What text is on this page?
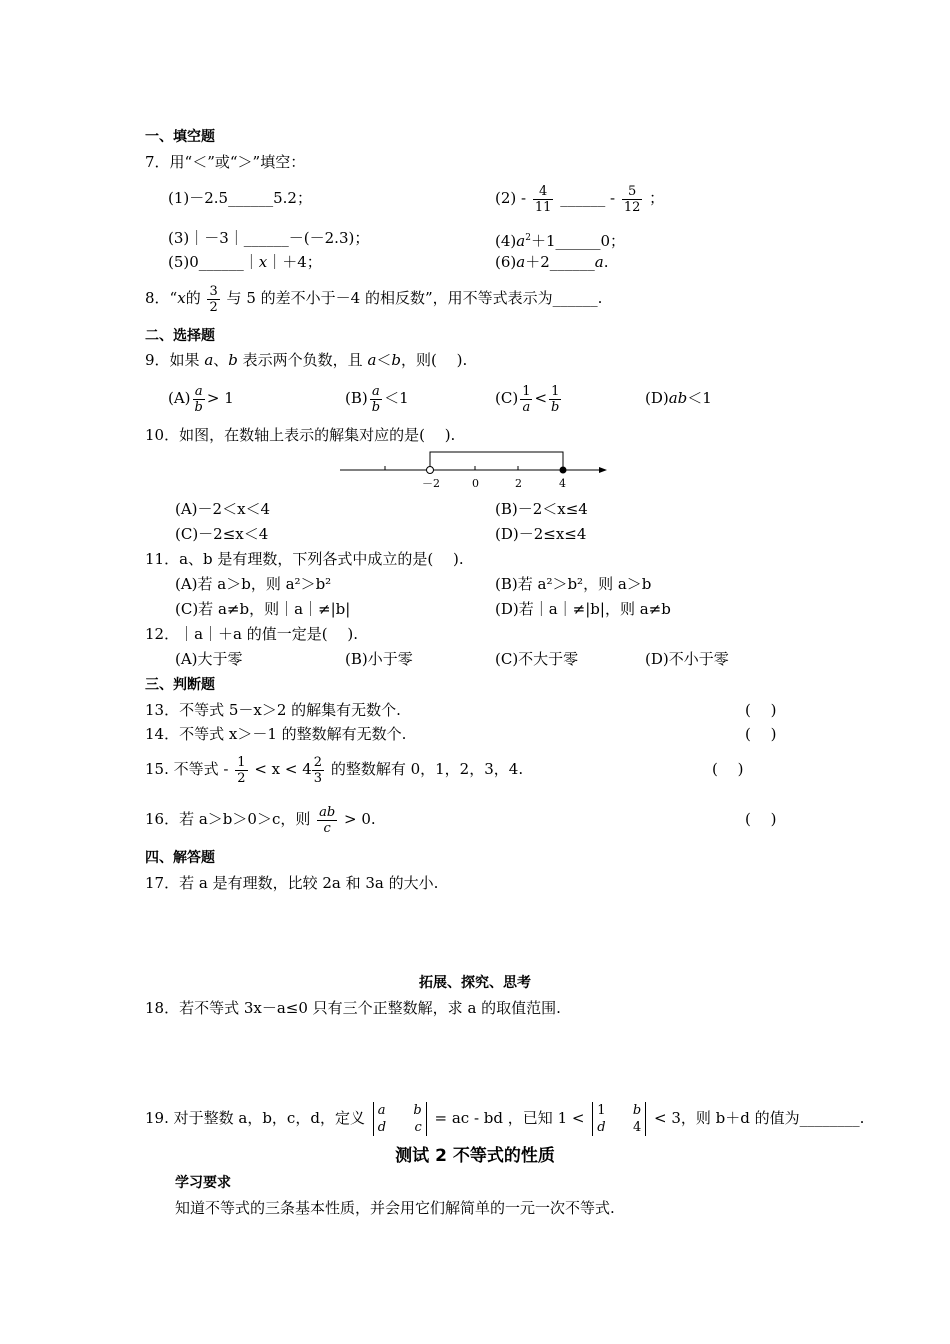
一、填空题
7．用“＜”或“＞”填空：
(1)－2.5______5.2；	$(2) - \frac{4}{11}$ ______ - $\frac{5}{12}$ ；
(3)｜－3｜______－(－2.3)；	$(4)a^2+1\_\_\_\_\_\_0$；
(5)0______｜x｜＋4；	(6)a＋2______a.
8．“x的 $\frac{3}{2}$ 与 5 的差不小于－4 的相反数”，用不等式表示为______.
二、选择题
9．如果 a、b 表示两个负数，且 a＜b，则(　 ).
$(A) \frac{a}{b} > 1$	$(B) \frac{a}{b} <1$	$(C) \frac{1}{a} < \frac{1}{b}$	(D)ab＜1
10．如图，在数轴上表示的解集对应的是(　 ).
－2	0	2	4
(A)－2＜x＜4	(B)－2＜x≤4
(C)－2≤x＜4	(D)－2≤x≤4
11．a、b 是有理数，下列各式中成立的是(　 ).
(A)若 a＞b，则 a²＞b²	(B)若 a²＞b²，则 a＞b
(C)若 a≠b，则｜a｜≠|b|	(D)若｜a｜≠|b|，则 a≠b
12．｜a｜＋a 的值一定是(　 ).
(A)大于零	(B)小于零	(C)不大于零	(D)不小于零
三、判断题
13．不等式 5－x＞2 的解集有无数个.	(　 )
14．不等式 x＞－1 的整数解有无数个.	(　 )
15. 不等式 - $\frac{1}{2} < x < 4 \frac{2}{3}$ 的整数解有 0，1，2，3，4.	(　 )
16．若 a＞b＞0＞c，则 $\frac{ab}{c} > 0$.	(　 )
四、解答题
17．若 a 是有理数，比较 2a 和 3a 的大小.
拓展、探究、思考
18．若不等式 3x－a≤0 只有三个正整数解，求 a 的取值范围.
19. 对于整数 a，b，c，d，定义 a b
d c = ac - bd ，已知 1 < 1 b
d 4 < 3，则 b＋d 的值为________.
测试 2 不等式的性质
学习要求
知道不等式的三条基本性质，并会用它们解简单的一元一次不等式.
